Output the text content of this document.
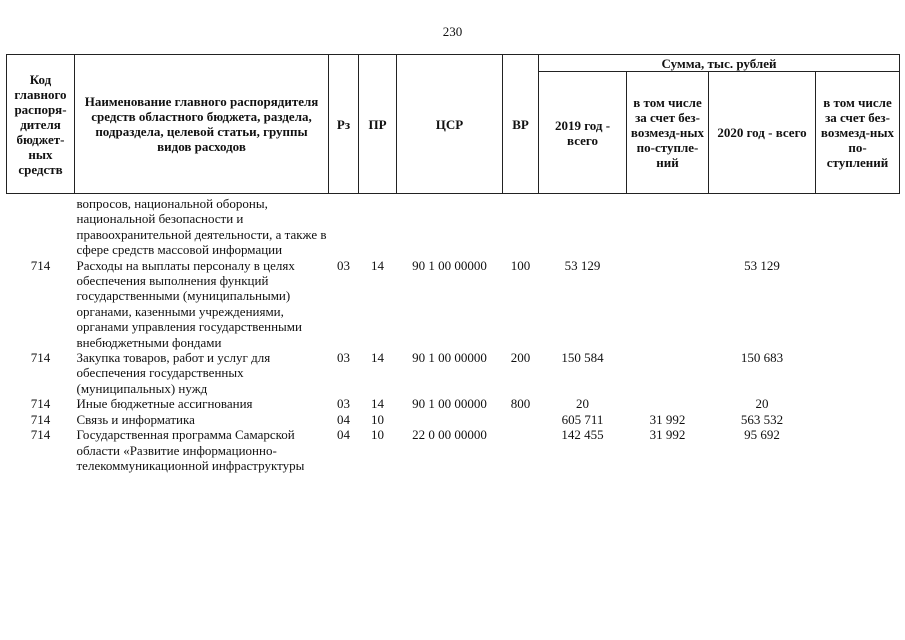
230
Код главного распоря-дителя бюджет-ных средств	Наименование главного распорядителя средств областного бюджета, раздела, подраздела, целевой статьи, группы видов расходов	Рз	ПР	ЦСР	ВР	Сумма, тыс. рублей			
						2019 год - всего	в том числе за счет без-возмезд-ных по-ступле-ний	2020 год - всего	в том числе за счет без-возмезд-ных по-ступлений
	вопросов, национальной обороны, национальной безопасности и правоохранительной деятельности, а также в сфере средств массовой информации								
714	Расходы на выплаты персоналу в целях обеспечения выполнения функций государственными (муниципальными) органами, казенными учреждениями, органами управления государственными внебюджетными фондами	03	14	90 1 00 00000	100	53 129		53 129	
714	Закупка товаров, работ и услуг для обеспечения государственных (муниципальных) нужд	03	14	90 1 00 00000	200	150 584		150 683	
714	Иные бюджетные ассигнования	03	14	90 1 00 00000	800	20		20	
714	Связь и информатика	04	10			605 711	31 992	563 532	
714	Государственная программа Самарской области «Развитие информационно-телекоммуникационной инфраструктуры	04	10	22 0 00 00000		142 455	31 992	95 692	
